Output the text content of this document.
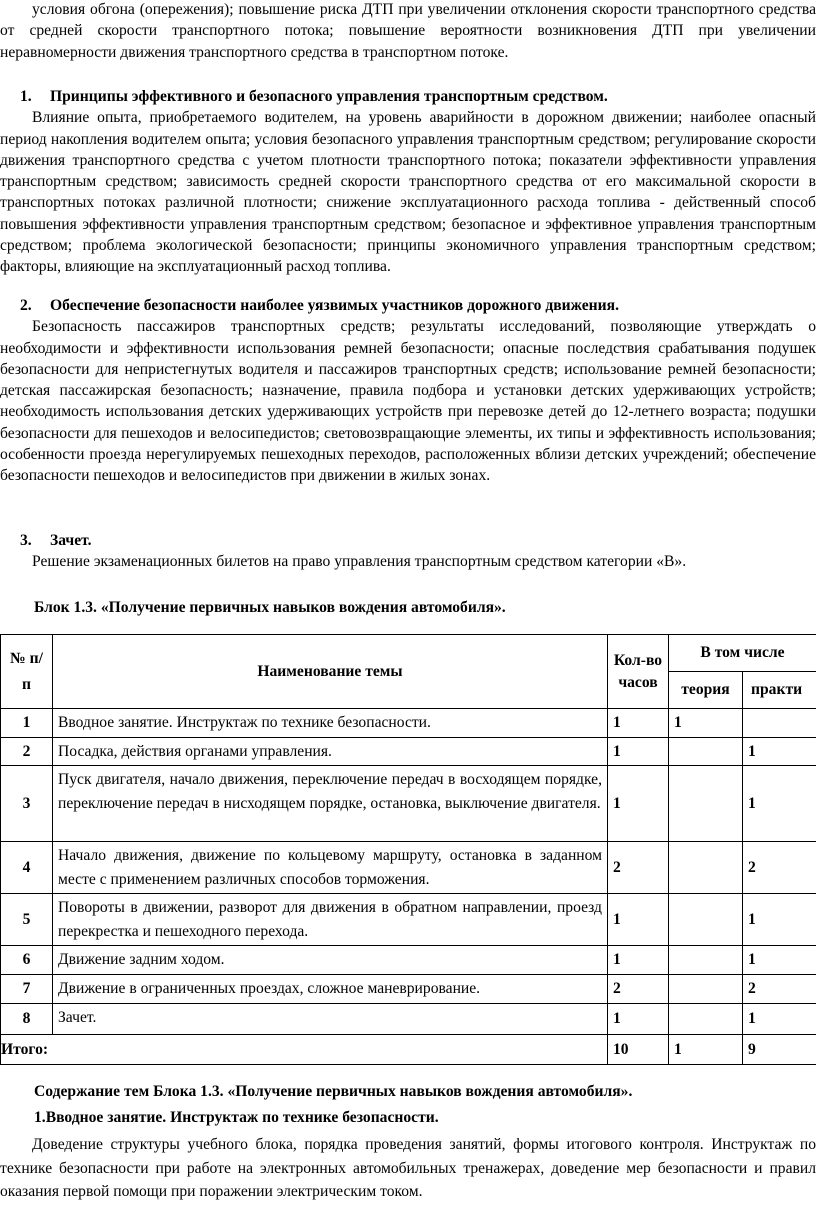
условия обгона (опережения); повышение риска ДТП при увеличении отклонения скорости транспортного средства от средней скорости транспортного потока; повышение вероятности возникновения ДТП при увеличении неравномерности движения транспортного средства в транспортном потоке.

1. Принципы эффективного и безопасного управления транспортным средством.

Влияние опыта, приобретаемого водителем, на уровень аварийности в дорожном движении; наиболее опасный период накопления водителем опыта; условия безопасного управления транспортным средством; регулирование скорости движения транспортного средства с учетом плотности транспортного потока; показатели эффективности управления транспортным средством; зависимость средней скорости транспортного средства от его максимальной скорости в транспортных потоках различной плотности; снижение эксплуатационного расхода топлива - действенный способ повышения эффективности управления транспортным средством; безопасное и эффективное управления транспортным средством; проблема экологической безопасности; принципы экономичного управления транспортным средством; факторы, влияющие на эксплуатационный расход топлива.

2. Обеспечение безопасности наиболее уязвимых участников дорожного движения.

Безопасность пассажиров транспортных средств; результаты исследований, позволяющие утверждать о необходимости и эффективности использования ремней безопасности; опасные последствия срабатывания подушек безопасности для непристегнутых водителя и пассажиров транспортных средств; использование ремней безопасности; детская пассажирская безопасность; назначение, правила подбора и установки детских удерживающих устройств; необходимость использования детских удерживающих устройств при перевозке детей до 12-летнего возраста; подушки безопасности для пешеходов и велосипедистов; световозвращающие элементы, их типы и эффективность использования; особенности проезда нерегулируемых пешеходных переходов, расположенных вблизи детских учреждений; обеспечение безопасности пешеходов и велосипедистов при движении в жилых зонах.

3. Зачет.

Решение экзаменационных билетов на право управления транспортным средством категории «В».

Блок 1.3. «Получение первичных навыков вождения автомобиля».

№ п/п	Наименование темы	Кол-во часов	В том числе	
			теория	практи
1	Вводное занятие. Инструктаж по технике безопасности.	1	1	
2	Посадка, действия органами управления.	1		1
3	Пуск двигателя, начало движения, переключение передач в восходящем порядке, переключение передач в нисходящем порядке, остановка, выключение двигателя.	1		1
4	Начало движения, движение по кольцевому маршруту, остановка в заданном месте с применением различных способов торможения.	2		2
5	Повороты в движении, разворот для движения в обратном направлении, проезд перекрестка и пешеходного перехода.	1		1
6	Движение задним ходом.	1		1
7	Движение в ограниченных проездах, сложное маневрирование.	2		2
8	Зачет.	1		1
Итого:		10	1	9

Содержание тем Блока 1.3. «Получение первичных навыков вождения автомобиля».

1.Вводное занятие. Инструктаж по технике безопасности.

Доведение структуры учебного блока, порядка проведения занятий, формы итогового контроля. Инструктаж по технике безопасности при работе на электронных автомобильных тренажерах, доведение мер безопасности и правил оказания первой помощи при поражении электрическим током.
